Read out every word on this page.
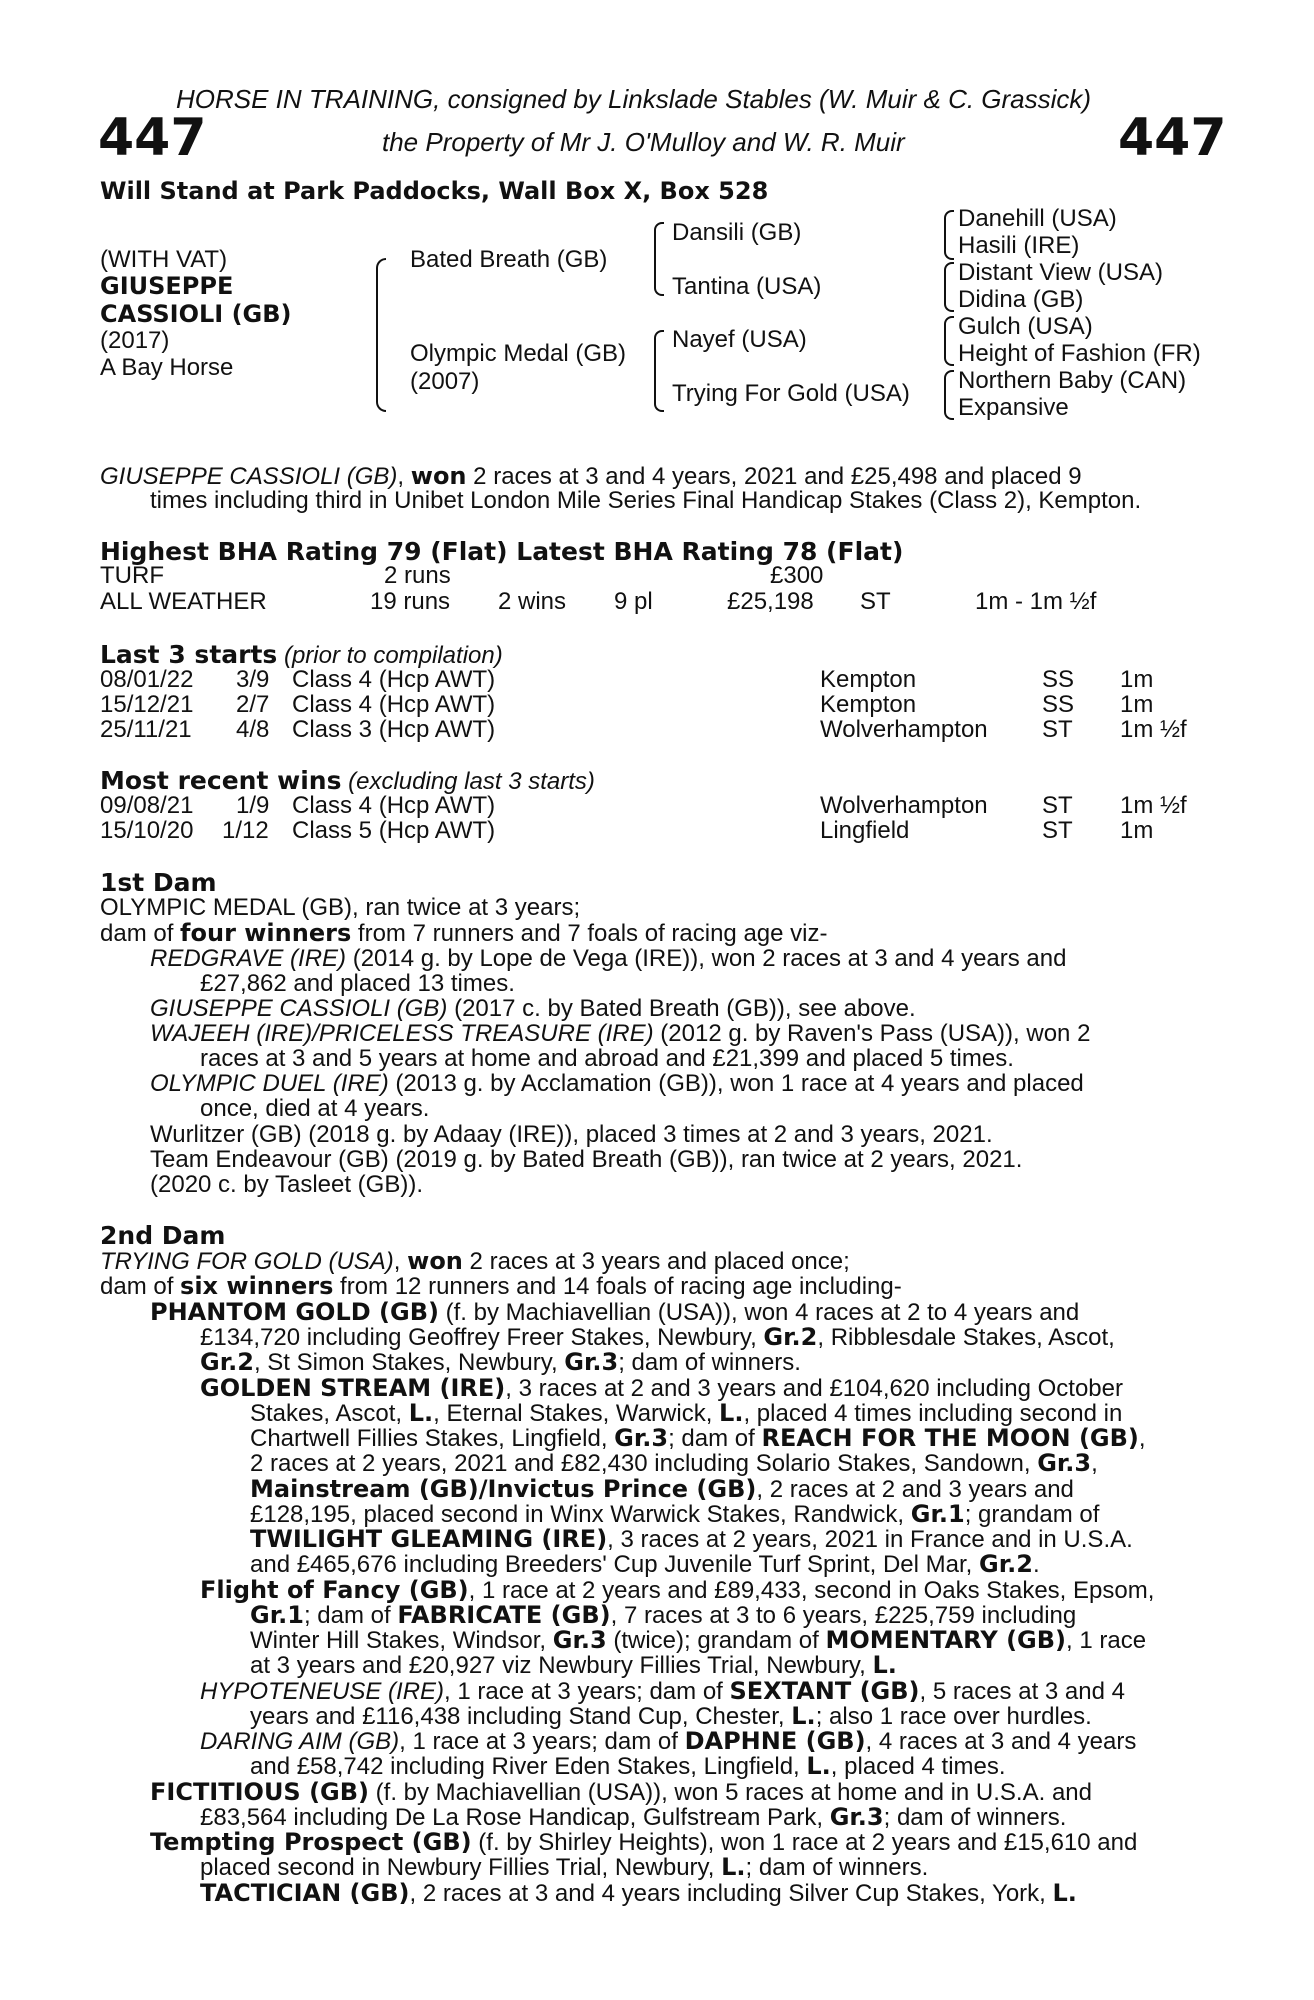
HORSE IN TRAINING, consigned by Linkslade Stables (W. Muir & C. Grassick)
447	the Property of Mr J. O'Mulloy and W. R. Muir	447
Will Stand at Park Paddocks, Wall Box X, Box 528
(WITH VAT)
GIUSEPPE
CASSIOLI (GB)
(2017)
A Bay Horse
Bated Breath (GB)
Olympic Medal (GB)
(2007)
Dansili (GB)
Tantina (USA)
Nayef (USA)
Trying For Gold (USA)
Danehill (USA)
Hasili (IRE)
Distant View (USA)
Didina (GB)
Gulch (USA)
Height of Fashion (FR)
Northern Baby (CAN)
Expansive
GIUSEPPE CASSIOLI (GB), won 2 races at 3 and 4 years, 2021 and £25,498 and placed 9
times including third in Unibet London Mile Series Final Handicap Stakes (Class 2), Kempton.
Highest BHA Rating 79 (Flat) Latest BHA Rating 78 (Flat)
TURF	2 runs	£300
ALL WEATHER	19 runs 2 wins 9 pl	£25,198 ST	1m - 1m ½f
Last 3 starts (prior to compilation)
08/01/22 3/9 Class 4 (Hcp AWT)	Kempton	SS 1m
15/12/21 2/7 Class 4 (Hcp AWT)	Kempton	SS 1m
25/11/21 4/8 Class 3 (Hcp AWT)	Wolverhampton ST 1m ½f
Most recent wins (excluding last 3 starts)
09/08/21 1/9 Class 4 (Hcp AWT)	Wolverhampton ST 1m ½f
15/10/20 1/12 Class 5 (Hcp AWT)	Lingfield	ST 1m
1st Dam
OLYMPIC MEDAL (GB), ran twice at 3 years;
dam of four winners from 7 runners and 7 foals of racing age viz-
REDGRAVE (IRE) (2014 g. by Lope de Vega (IRE)), won 2 races at 3 and 4 years and
£27,862 and placed 13 times.
GIUSEPPE CASSIOLI (GB) (2017 c. by Bated Breath (GB)), see above.
WAJEEH (IRE)/PRICELESS TREASURE (IRE) (2012 g. by Raven's Pass (USA)), won 2
races at 3 and 5 years at home and abroad and £21,399 and placed 5 times.
OLYMPIC DUEL (IRE) (2013 g. by Acclamation (GB)), won 1 race at 4 years and placed
once, died at 4 years.
Wurlitzer (GB) (2018 g. by Adaay (IRE)), placed 3 times at 2 and 3 years, 2021.
Team Endeavour (GB) (2019 g. by Bated Breath (GB)), ran twice at 2 years, 2021.
(2020 c. by Tasleet (GB)).
2nd Dam
TRYING FOR GOLD (USA), won 2 races at 3 years and placed once;
dam of six winners from 12 runners and 14 foals of racing age including-
PHANTOM GOLD (GB) (f. by Machiavellian (USA)), won 4 races at 2 to 4 years and
£134,720 including Geoffrey Freer Stakes, Newbury, Gr.2, Ribblesdale Stakes, Ascot,
Gr.2, St Simon Stakes, Newbury, Gr.3; dam of winners.
GOLDEN STREAM (IRE), 3 races at 2 and 3 years and £104,620 including October
Stakes, Ascot, L., Eternal Stakes, Warwick, L., placed 4 times including second in
Chartwell Fillies Stakes, Lingfield, Gr.3; dam of REACH FOR THE MOON (GB),
2 races at 2 years, 2021 and £82,430 including Solario Stakes, Sandown, Gr.3,
Mainstream (GB)/Invictus Prince (GB), 2 races at 2 and 3 years and
£128,195, placed second in Winx Warwick Stakes, Randwick, Gr.1; grandam of
TWILIGHT GLEAMING (IRE), 3 races at 2 years, 2021 in France and in U.S.A.
and £465,676 including Breeders' Cup Juvenile Turf Sprint, Del Mar, Gr.2.
Flight of Fancy (GB), 1 race at 2 years and £89,433, second in Oaks Stakes, Epsom,
Gr.1; dam of FABRICATE (GB), 7 races at 3 to 6 years, £225,759 including
Winter Hill Stakes, Windsor, Gr.3 (twice); grandam of MOMENTARY (GB), 1 race
at 3 years and £20,927 viz Newbury Fillies Trial, Newbury, L.
HYPOTENEUSE (IRE), 1 race at 3 years; dam of SEXTANT (GB), 5 races at 3 and 4
years and £116,438 including Stand Cup, Chester, L.; also 1 race over hurdles.
DARING AIM (GB), 1 race at 3 years; dam of DAPHNE (GB), 4 races at 3 and 4 years
and £58,742 including River Eden Stakes, Lingfield, L., placed 4 times.
FICTITIOUS (GB) (f. by Machiavellian (USA)), won 5 races at home and in U.S.A. and
£83,564 including De La Rose Handicap, Gulfstream Park, Gr.3; dam of winners.
Tempting Prospect (GB) (f. by Shirley Heights), won 1 race at 2 years and £15,610 and
placed second in Newbury Fillies Trial, Newbury, L.; dam of winners.
TACTICIAN (GB), 2 races at 3 and 4 years including Silver Cup Stakes, York, L.
